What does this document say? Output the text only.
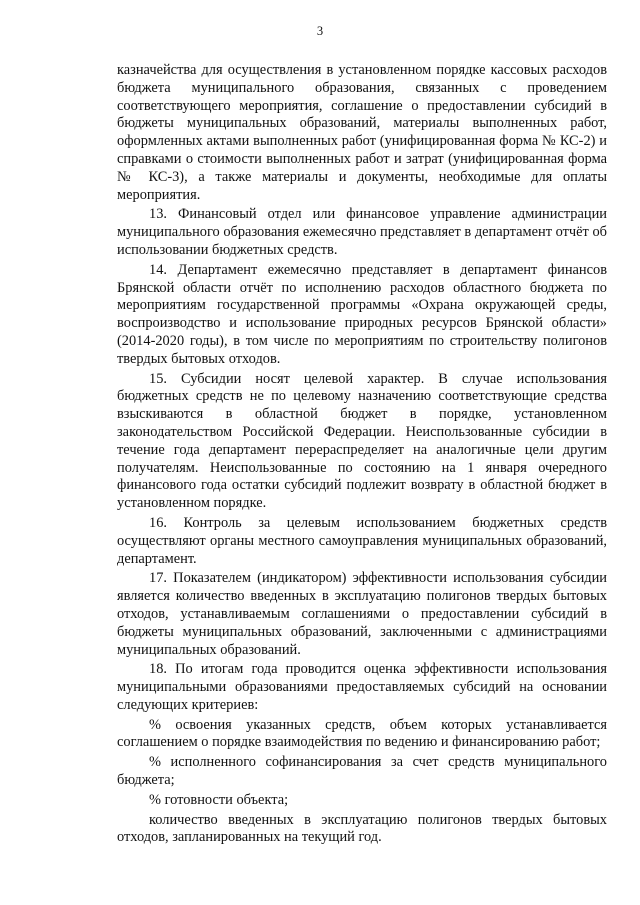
3

казначейства для осуществления в установленном порядке кассовых расходов бюджета муниципального образования, связанных с проведением соответствующего мероприятия, соглашение о предоставлении субсидий в бюджеты муниципальных образований, материалы выполненных работ, оформленных актами выполненных работ (унифицированная форма № КС-2) и справками о стоимости выполненных работ и затрат (унифицированная форма № КС-3), а также материалы и документы, необходимые для оплаты мероприятия.

13. Финансовый отдел или финансовое управление администрации муниципального образования ежемесячно представляет в департамент отчёт об использовании бюджетных средств.

14. Департамент ежемесячно представляет в департамент финансов Брянской области отчёт по исполнению расходов областного бюджета по мероприятиям государственной программы «Охрана окружающей среды, воспроизводство и использование природных ресурсов Брянской области» (2014-2020 годы), в том числе по мероприятиям по строительству полигонов твердых бытовых отходов.

15. Субсидии носят целевой характер. В случае использования бюджетных средств не по целевому назначению соответствующие средства взыскиваются в областной бюджет в порядке, установленном законодательством Российской Федерации. Неиспользованные субсидии в течение года департамент перераспределяет на аналогичные цели другим получателям. Неиспользованные по состоянию на 1 января очередного финансового года остатки субсидий подлежит возврату в областной бюджет в установленном порядке.

16. Контроль за целевым использованием бюджетных средств осуществляют органы местного самоуправления муниципальных образований, департамент.

17. Показателем (индикатором) эффективности использования субсидии является количество введенных в эксплуатацию полигонов твердых бытовых отходов, устанавливаемым соглашениями о предоставлении субсидий в бюджеты муниципальных образований, заключенными с администрациями муниципальных образований.

18. По итогам года проводится оценка эффективности использования муниципальными образованиями предоставляемых субсидий на основании следующих критериев:

% освоения указанных средств, объем которых устанавливается соглашением о порядке взаимодействия по ведению и финансированию работ;

% исполненного софинансирования за счет средств муниципального бюджета;

% готовности объекта;

количество введенных в эксплуатацию полигонов твердых бытовых отходов, запланированных на текущий год.
